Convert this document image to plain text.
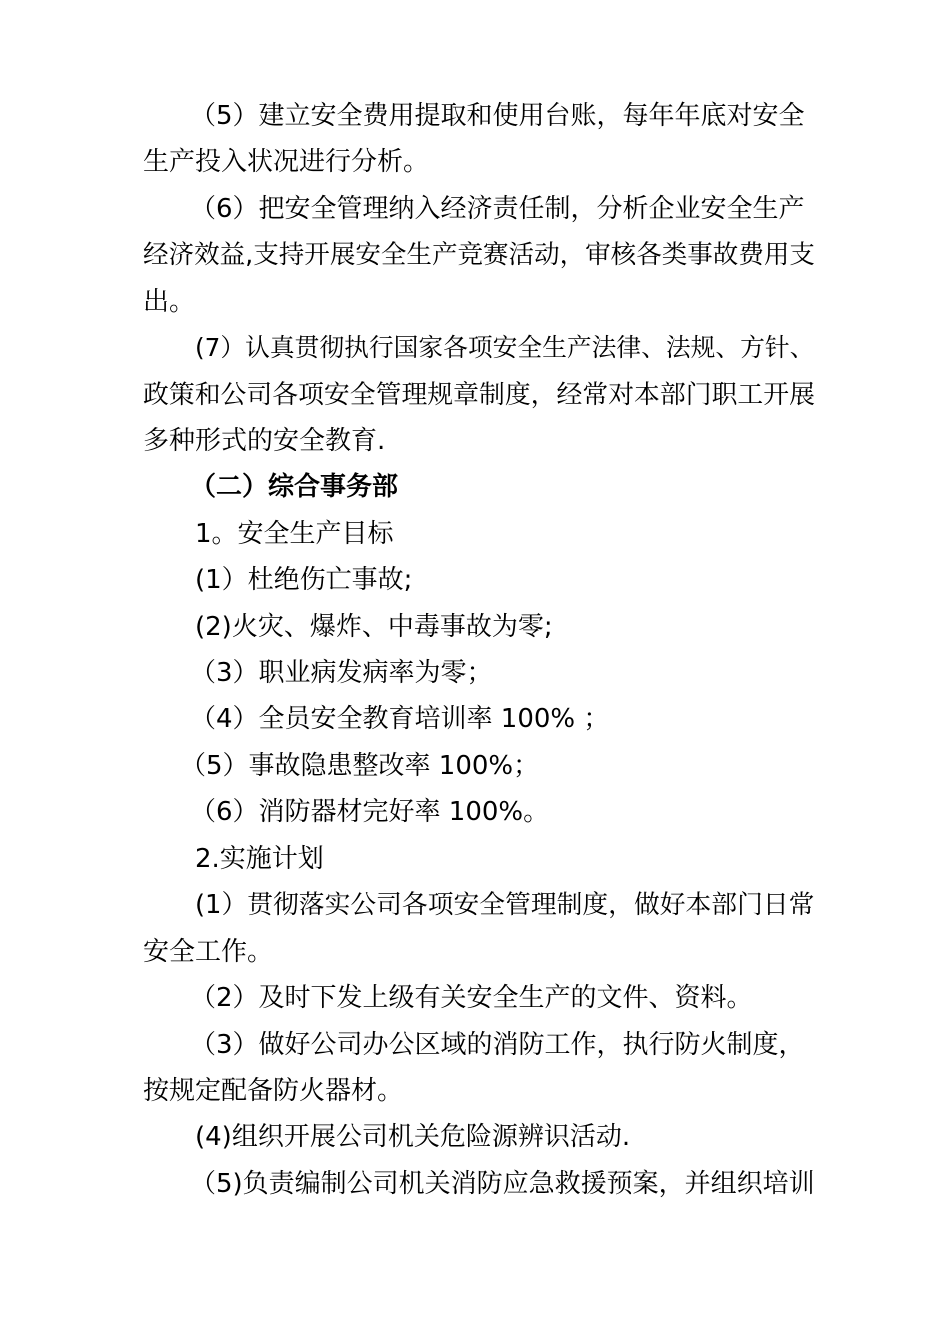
（5）建立安全费用提取和使用台账，每年年底对安全
生产投入状况进行分析。
（6）把安全管理纳入经济责任制，分析企业安全生产
经济效益,支持开展安全生产竞赛活动，审核各类事故费用支
出。
(7）认真贯彻执行国家各项安全生产法律、法规、方针、
政策和公司各项安全管理规章制度，经常对本部门职工开展
多种形式的安全教育.
（二）综合事务部
1。安全生产目标
(1）杜绝伤亡事故;
(2)火灾、爆炸、中毒事故为零;
（3）职业病发病率为零；
（4）全员安全教育培训率 100% ；
（5）事故隐患整改率 100%；
（6）消防器材完好率 100%。
2.实施计划
(1）贯彻落实公司各项安全管理制度，做好本部门日常
安全工作。
（2）及时下发上级有关安全生产的文件、资料。
（3）做好公司办公区域的消防工作，执行防火制度，
按规定配备防火器材。
(4)组织开展公司机关危险源辨识活动.
（5)负责编制公司机关消防应急救援预案，并组织培训
